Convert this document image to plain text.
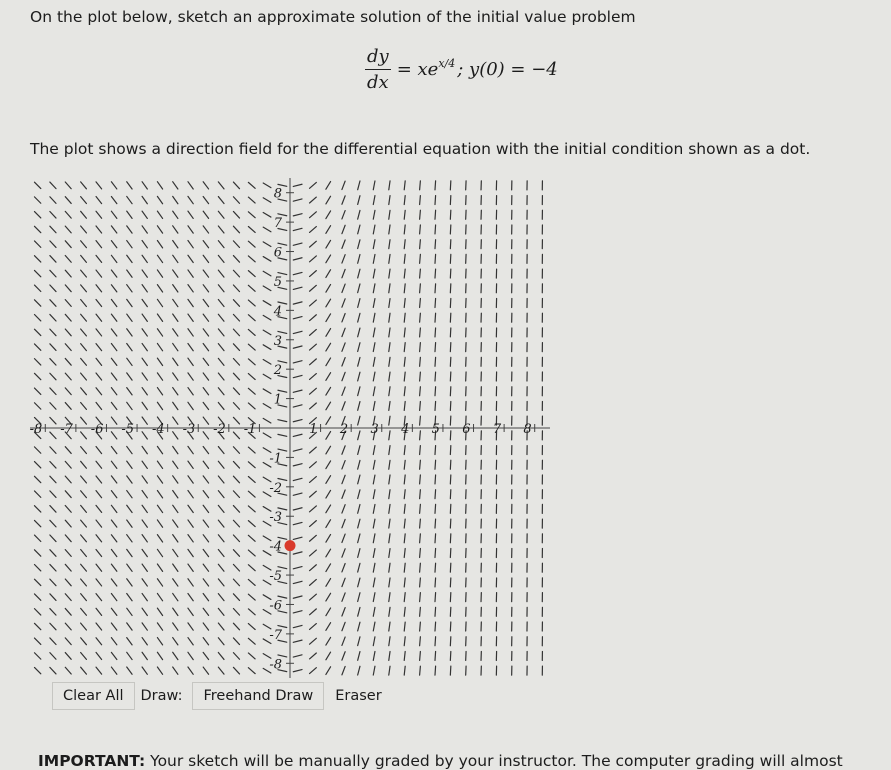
On the plot below, sketch an approximate solution of the initial value problem

$\frac{dy}{dx} = xe^{x/4}$ ; y(0) = −4

The plot shows a direction field for the differential equation with the initial condition shown as a dot.

-8 -7 -6 -5 -4 -3 -2 -1	1 2 3 4 5 6 7 8
8
7
6
5
4
3
2
1
-1
-2
-3
-4
-5
-6
-7
-8
Clear All	Draw:	Freehand Draw	Eraser

IMPORTANT: Your sketch will be manually graded by your instructor. The computer grading will almost
